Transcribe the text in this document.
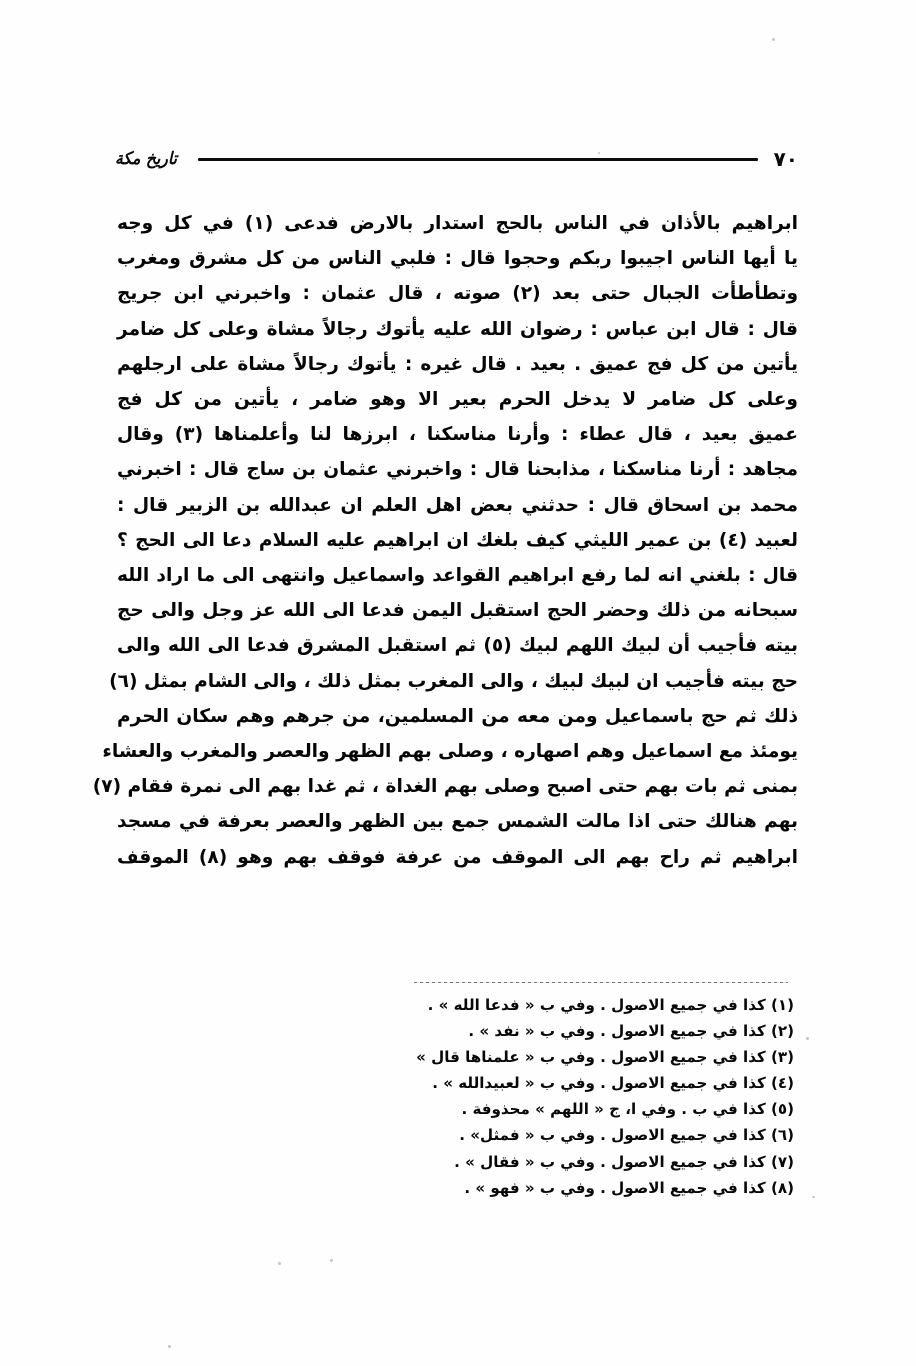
تاريخ مكة	٧٠
ابراهيم بالأذان في الناس بالحج استدار بالارض فدعى (١) في كل وجه
يا أيها الناس اجيبوا ربكم وحجوا قال : فلبي الناس من كل مشرق ومغرب
وتطأطأت الجبال حتى بعد (٢) صوته ، قال عثمان : واخبرني ابن جريج
قال : قال ابن عباس : رضوان الله عليه يأتوك رجالاً مشاة وعلى كل ضامر
يأتين من كل فج عميق . بعيد . قال غيره : يأتوك رجالاً مشاة على ارجلهم
وعلى كل ضامر لا يدخل الحرم بعير الا وهو ضامر ، يأتين من كل فج
عميق بعيد ، قال عطاء : وأرنا مناسكنا ، ابرزها لنا وأعلمناها (٣) وقال
مجاهد : أرنا مناسكنا ، مذابحنا قال : واخبرني عثمان بن ساج قال : اخبرني
محمد بن اسحاق قال : حدثني بعض اهل العلم ان عبدالله بن الزبير قال :
لعبيد (٤) بن عمير الليثي كيف بلغك ان ابراهيم عليه السلام دعا الى الحج ؟
قال : بلغني انه لما رفع ابراهيم القواعد واسماعيل وانتهى الى ما اراد الله
سبحانه من ذلك وحضر الحج استقبل اليمن فدعا الى الله عز وجل والى حج
بيته فأجيب أن لبيك اللهم لبيك (٥) ثم استقبل المشرق فدعا الى الله والى
حج بيته فأجيب ان لبيك لبيك ، والى المغرب بمثل ذلك ، والى الشام بمثل (٦)
ذلك ثم حج باسماعيل ومن معه من المسلمين، من جرهم وهم سكان الحرم
يومئذ مع اسماعيل وهم اصهاره ، وصلى بهم الظهر والعصر والمغرب والعشاء
بمنى ثم بات بهم حتى اصبح وصلى بهم الغداة ، ثم غدا بهم الى نمرة فقام (٧)
بهم هنالك حتى اذا مالت الشمس جمع بين الظهر والعصر بعرفة في مسجد
ابراهيم ثم راح بهم الى الموقف من عرفة فوقف بهم وهو (٨) الموقف
(١) كذا في جميع الاصول . وفي ب « فدعا الله » .
(٢) كذا في جميع الاصول . وفي ب « نفد » .
(٣) كذا في جميع الاصول . وفي ب « علمناها قال »
(٤) كذا في جميع الاصول . وفي ب « لعبيدالله » .
(٥) كذا في ب . وفي ا، ج « اللهم » محذوفة .
(٦) كذا في جميع الاصول . وفي ب « فمثل» .
(٧) كذا في جميع الاصول . وفي ب « فقال » .
(٨) كذا في جميع الاصول . وفي ب « فهو » .
